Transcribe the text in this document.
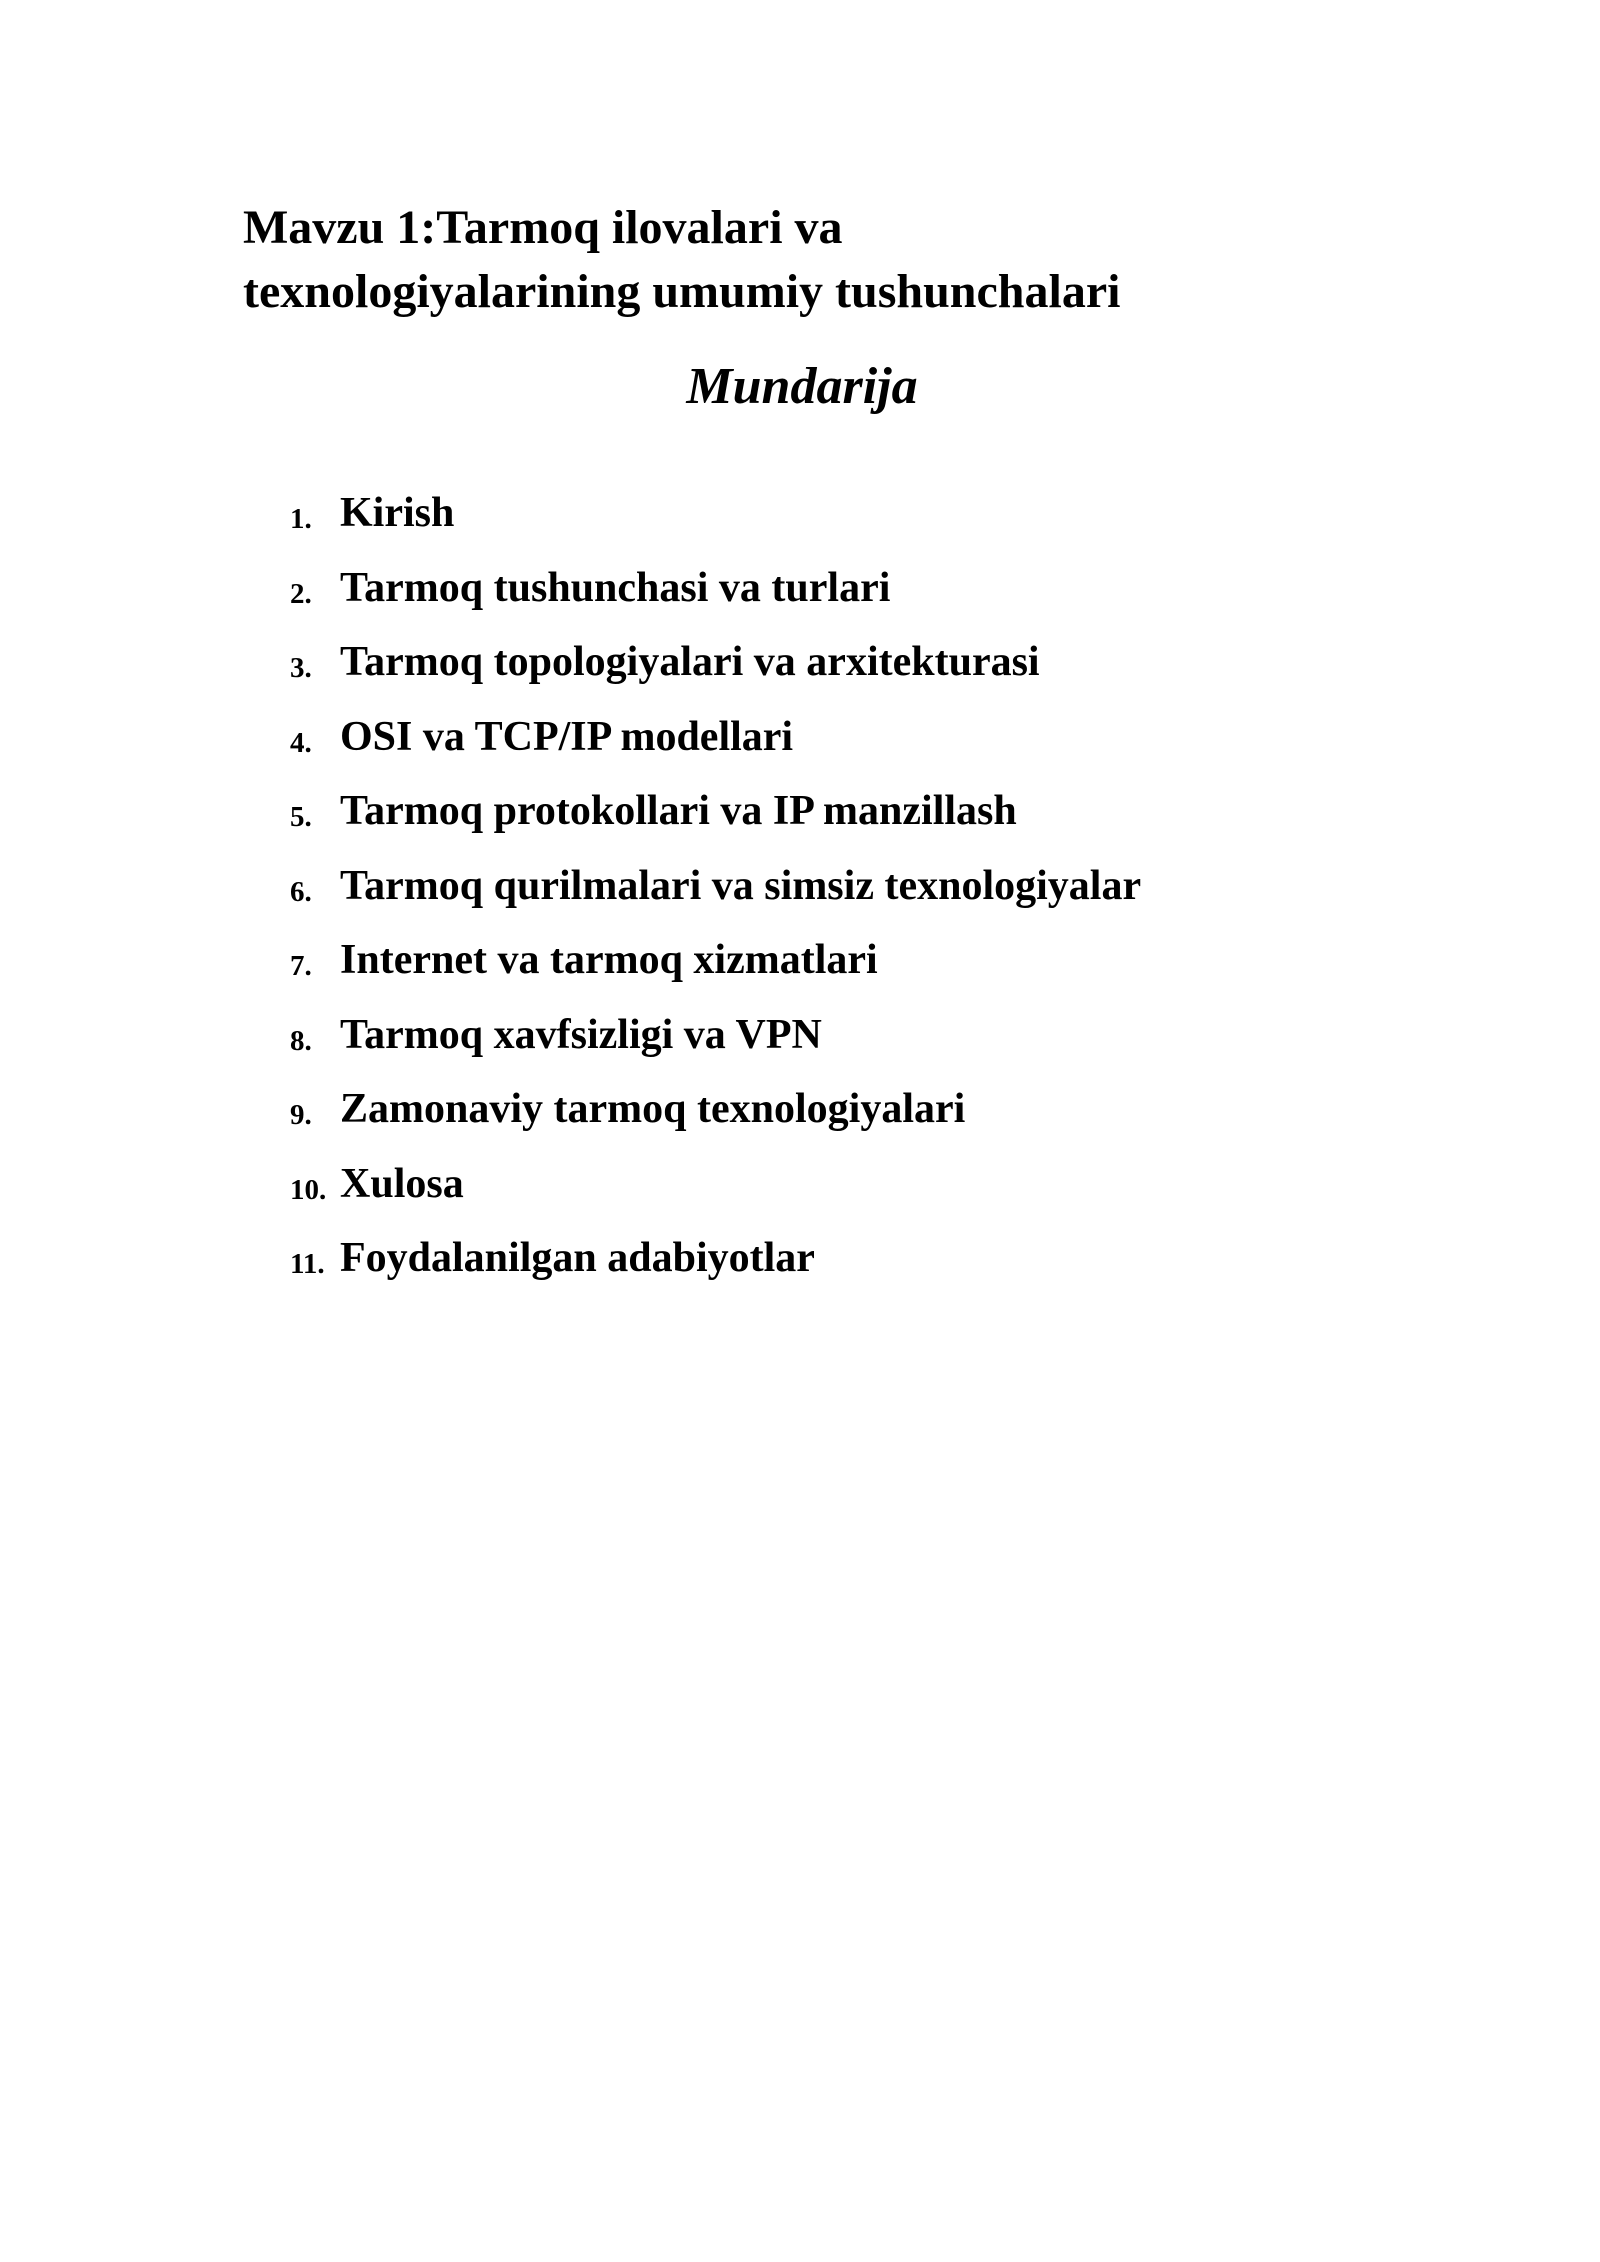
Mavzu 1:Tarmoq ilovalari va
texnologiyalarining umumiy tushunchalari
Mundarija
1. Kirish
2. Tarmoq tushunchasi va turlari
3. Tarmoq topologiyalari va arxitekturasi
4. OSI va TCP/IP modellari
5. Tarmoq protokollari va IP manzillash
6. Tarmoq qurilmalari va simsiz texnologiyalar
7. Internet va tarmoq xizmatlari
8. Tarmoq xavfsizligi va VPN
9. Zamonaviy tarmoq texnologiyalari
10. Xulosa
11. Foydalanilgan adabiyotlar
